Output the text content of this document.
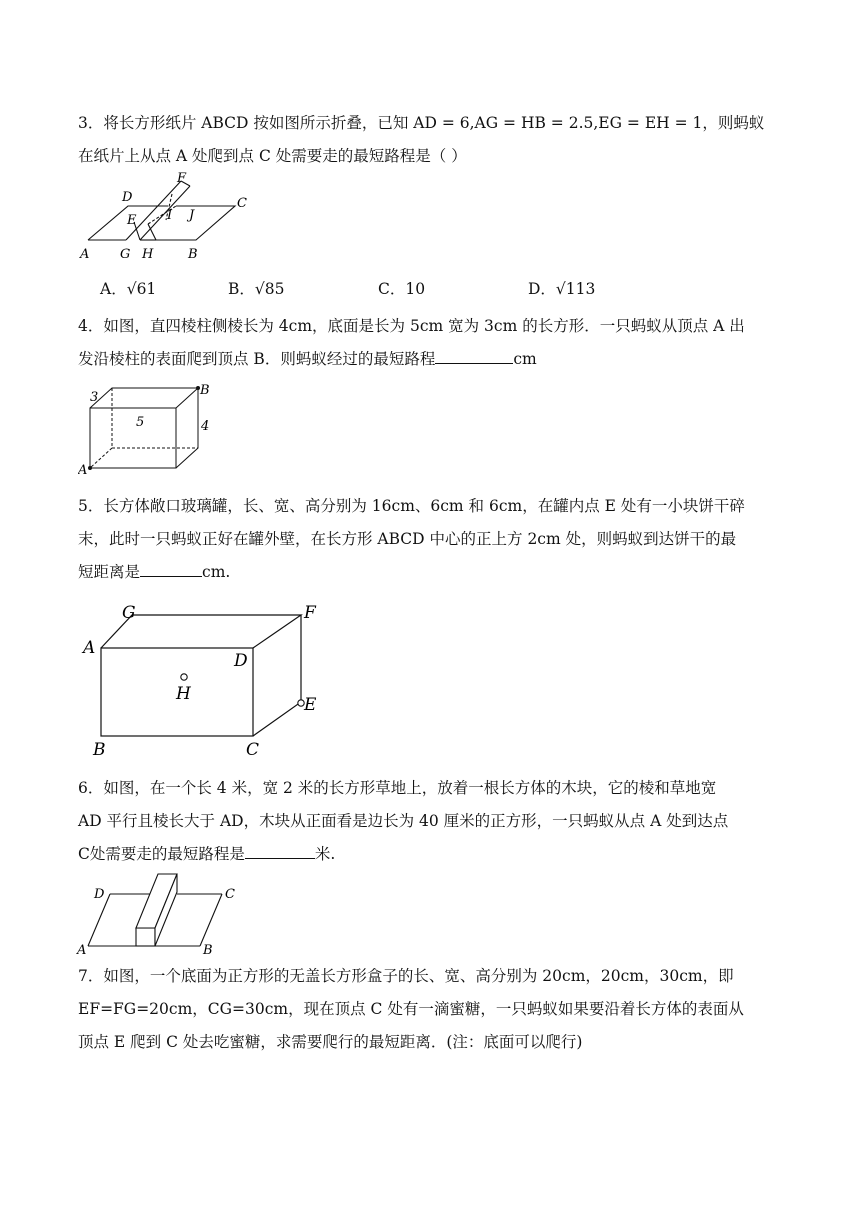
3．将长方形纸片 ABCD 按如图所示折叠，已知 AD = 6,AG = HB = 2.5,EG = EH = 1，则蚂蚁
在纸片上从点 A 处爬到点 C 处需要走的最短路程是（ ）
D
F
C
E I J
A G H	B
A．√61	B．√85	C．10	D．√113
4．如图，直四棱柱侧棱长为 4cm，底面是长为 5cm 宽为 3cm 的长方形．一只蚂蚁从顶点 A 出
发沿棱柱的表面爬到顶点 B．则蚂蚁经过的最短路程	cm
3	B
5	4
A
5．长方体敞口玻璃罐，长、宽、高分别为 16cm、6cm 和 6cm，在罐内点 E 处有一小块饼干碎
末，此时一只蚂蚁正好在罐外壁，在长方形 ABCD 中心的正上方 2cm 处，则蚂蚁到达饼干的最
短距离是	cm.
G	F
A
D
H
E
B	C
6．如图，在一个长 4 米，宽 2 米的长方形草地上，放着一根长方体的木块，它的棱和草地宽
AD 平行且棱长大于 AD，木块从正面看是边长为 40 厘米的正方形，一只蚂蚁从点 A 处到达点
C处需要走的最短路程是	米.
D	C
A	B
7．如图，一个底面为正方形的无盖长方形盒子的长、宽、高分别为 20cm，20cm，30cm，即
EF=FG=20cm，CG=30cm，现在顶点 C 处有一滴蜜糖，一只蚂蚁如果要沿着长方体的表面从
顶点 E 爬到 C 处去吃蜜糖，求需要爬行的最短距离．(注：底面可以爬行)
